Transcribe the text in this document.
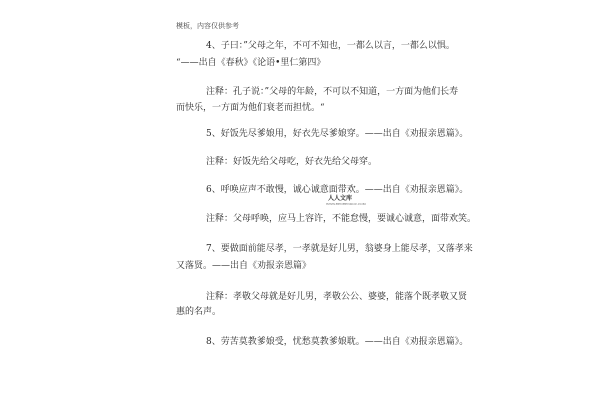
模板，内容仅供参考
4、子曰：”父母之年，不可不知也，一都么以言，一都么以惧。
“——出自《春秋》《论语•里仁第四》
注释：孔子说：”父母的年龄，不可以不知道，一方面为他们长寿
而快乐，一方面为他们衰老而担忧。“
5、好饭先尽爹娘用，好衣先尽爹娘穿。——出自《劝报亲恩篇》。
注释：好饭先给父母吃，好衣先给父母穿。
6、呼唤应声不敢慢，诚心诚意面带欢。——出自《劝报亲恩篇》。
注释：父母呼唤，应马上容许，不能怠慢，要诚心诚意，面带欢笑。
7、要做面前能尽孝，一孝就是好儿男，翁婆身上能尽孝，又落孝来
又落贤。——出自《劝报亲恩篇》
注释：孝敬父母就是好儿男，孝敬公公、婆婆，能落个既孝敬又贤
惠的名声。
8、劳苦莫教爹娘受，忧愁莫教爹娘耽。——出自《劝报亲恩篇》。
人人文库
WWW.RENRENDOC.COM
